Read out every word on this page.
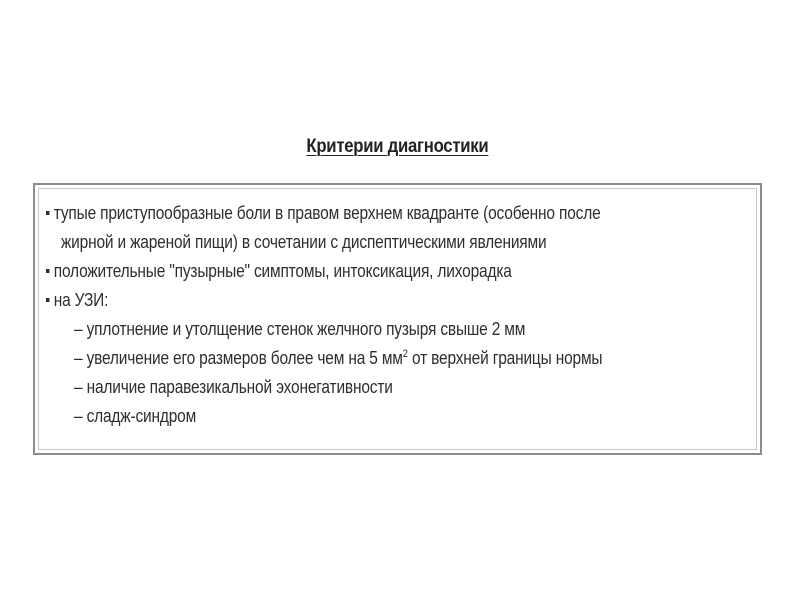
Критерии диагностики
тупые приступообразные боли в правом верхнем квадранте (особенно после
жирной и жареной пищи) в сочетании с диспептическими явлениями
положительные "пузырные" симптомы, интоксикация, лихорадка
на УЗИ:
– уплотнение и утолщение стенок желчного пузыря свыше 2 мм
– увеличение его размеров более чем на 5 $мм^2$ от верхней границы нормы
– наличие паравезикальной эхонегативности
– сладж-синдром
